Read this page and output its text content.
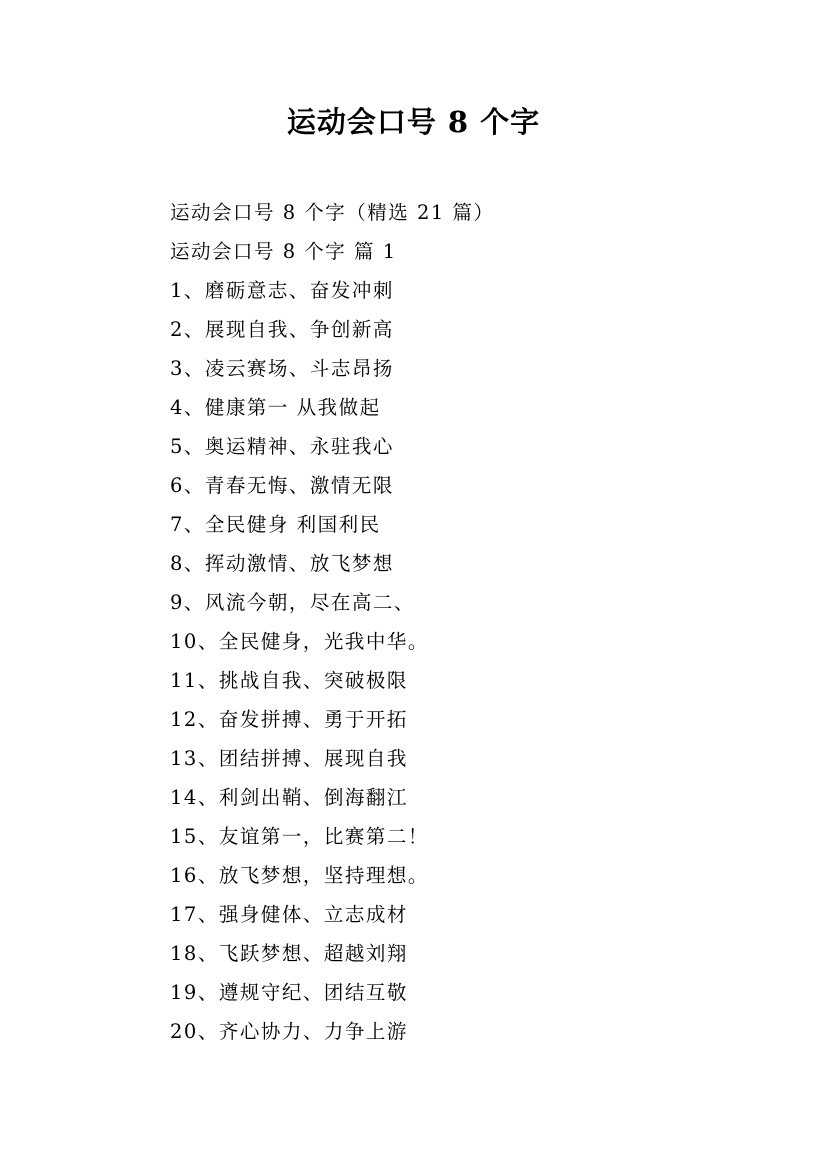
运动会口号 8 个字
运动会口号 8 个字（精选 21 篇）
运动会口号 8 个字 篇 1
1、磨砺意志、奋发冲刺
2、展现自我、争创新高
3、凌云赛场、斗志昂扬
4、健康第一 从我做起
5、奥运精神、永驻我心
6、青春无悔、激情无限
7、全民健身 利国利民
8、挥动激情、放飞梦想
9、风流今朝，尽在高二、
10、全民健身，光我中华。
11、挑战自我、突破极限
12、奋发拼搏、勇于开拓
13、团结拼搏、展现自我
14、利剑出鞘、倒海翻江
15、友谊第一，比赛第二！
16、放飞梦想，坚持理想。
17、强身健体、立志成材
18、飞跃梦想、超越刘翔
19、遵规守纪、团结互敬
20、齐心协力、力争上游
